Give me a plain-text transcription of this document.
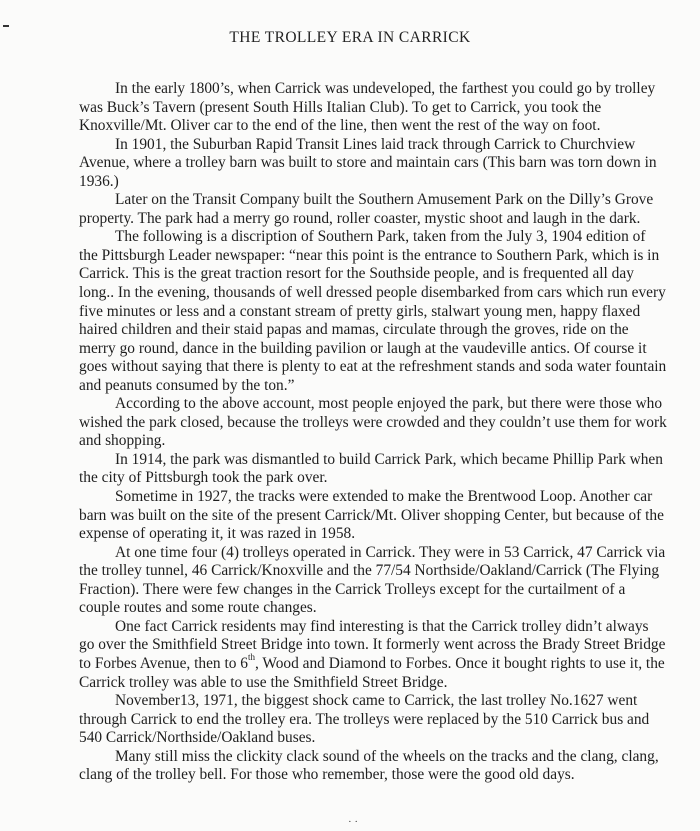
THE TROLLEY ERA IN CARRICK

In the early 1800’s, when Carrick was undeveloped, the farthest you could go by trolley was Buck’s Tavern (present South Hills Italian Club). To get to Carrick, you took the Knoxville/Mt. Oliver car to the end of the line, then went the rest of the way on foot.

In 1901, the Suburban Rapid Transit Lines laid track through Carrick to Churchview Avenue, where a trolley barn was built to store and maintain cars (This barn was torn down in 1936.)

Later on the Transit Company built the Southern Amusement Park on the Dilly’s Grove property. The park had a merry go round, roller coaster, mystic shoot and laugh in the dark.

The following is a discription of Southern Park, taken from the July 3, 1904 edition of the Pittsburgh Leader newspaper: “near this point is the entrance to Southern Park, which is in Carrick. This is the great traction resort for the Southside people, and is frequented all day long.. In the evening, thousands of well dressed people disembarked from cars which run every five minutes or less and a constant stream of pretty girls, stalwart young men, happy flaxed haired children and their staid papas and mamas, circulate through the groves, ride on the merry go round, dance in the building pavilion or laugh at the vaudeville antics. Of course it goes without saying that there is plenty to eat at the refreshment stands and soda water fountain and peanuts consumed by the ton.”

According to the above account, most people enjoyed the park, but there were those who wished the park closed, because the trolleys were crowded and they couldn’t use them for work and shopping.

In 1914, the park was dismantled to build Carrick Park, which became Phillip Park when the city of Pittsburgh took the park over.

Sometime in 1927, the tracks were extended to make the Brentwood Loop. Another car barn was built on the site of the present Carrick/Mt. Oliver shopping Center, but because of the expense of operating it, it was razed in 1958.

At one time four (4) trolleys operated in Carrick. They were in 53 Carrick, 47 Carrick via the trolley tunnel, 46 Carrick/Knoxville and the 77/54 Northside/Oakland/Carrick (The Flying Fraction). There were few changes in the Carrick Trolleys except for the curtailment of a couple routes and some route changes.

One fact Carrick residents may find interesting is that the Carrick trolley didn’t always go over the Smithfield Street Bridge into town. It formerly went across the Brady Street Bridge to Forbes Avenue, then to 6th, Wood and Diamond to Forbes. Once it bought rights to use it, the Carrick trolley was able to use the Smithfield Street Bridge.

November13, 1971, the biggest shock came to Carrick, the last trolley No.1627 went through Carrick to end the trolley era. The trolleys were replaced by the 510 Carrick bus and 540 Carrick/Northside/Oakland buses.

Many still miss the clickity clack sound of the wheels on the tracks and the clang, clang, clang of the trolley bell. For those who remember, those were the good old days.

· ·
